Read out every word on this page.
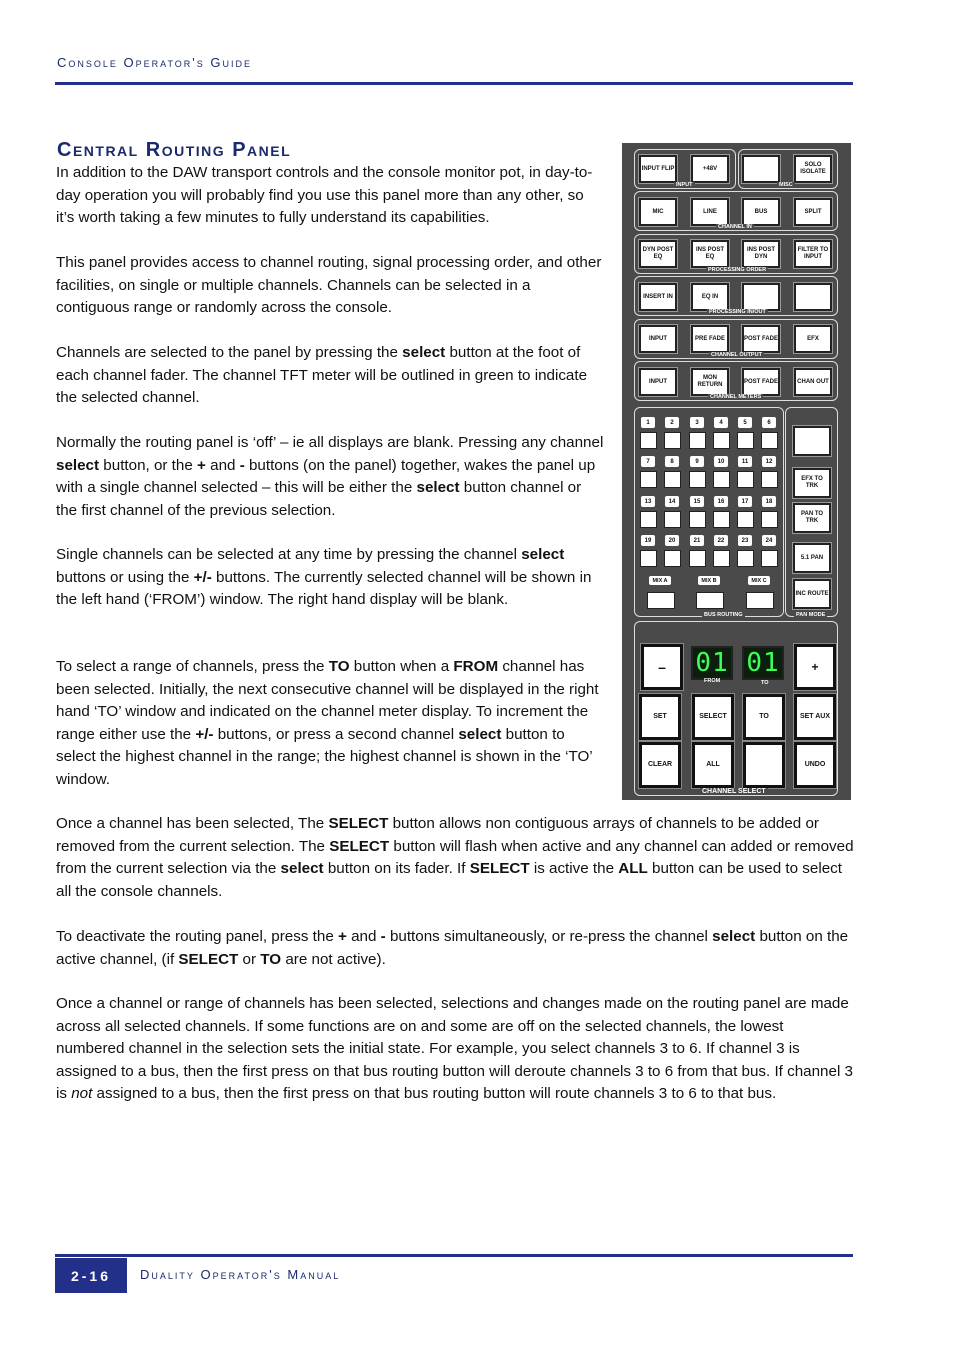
Console Operator's Guide
Central Routing Panel

In addition to the DAW transport controls and the console monitor pot, in day-to-day operation you will probably find you use this panel more than any other, so it’s worth taking a few minutes to fully understand its capabilities.

This panel provides access to channel routing, signal processing order, and other facilities, on single or multiple channels. Channels can be selected in a contiguous range or randomly across the console.

Channels are selected to the panel by pressing the select button at the foot of each channel fader. The channel TFT meter will be outlined in green to indicate the selected channel.

Normally the routing panel is ‘off’ – ie all displays are blank. Pressing any channel select button, or the + and - buttons (on the panel) together, wakes the panel up with a single channel selected – this will be either the select button channel or the first channel of the previous selection.

Single channels can be selected at any time by pressing the channel select buttons or using the +/- buttons. The currently selected channel will be shown in the left hand (‘FROM’) window. The right hand display will be blank.

To select a range of channels, press the TO button when a FROM channel has been selected. Initially, the next consecutive channel will be displayed in the right hand ‘TO’ window and indicated on the channel meter display. To increment the range either use the +/- buttons, or press a second channel select button to select the highest channel in the range; the highest channel is shown in the ‘TO’ window.

Once a channel has been selected, The SELECT button allows non contiguous arrays of channels to be added or removed from the current selection. The SELECT button will flash when active and any channel can added or removed from the current selection via the select button on its fader. If SELECT is active the ALL button can be used to select all the console channels.

To deactivate the routing panel, press the + and - buttons simultaneously, or re-press the channel select button on the active channel, (if SELECT or TO are not active).

Once a channel or range of channels has been selected, selections and changes made on the routing panel are made across all selected channels. If some functions are on and some are off on the selected channels, the lowest numbered channel in the selection sets the initial state. For example, you select channels 3 to 6. If channel 3 is assigned to a bus, then the first press on that bus routing button will deroute channels 3 to 6 from that bus. If channel 3 is not assigned to a bus, then the first press on that bus routing button will route channels 3 to 6 to that bus.

INPUT FLIP	+48V
SOLO ISOLATE
INPUT	MISC
MIC	LINE	BUS	SPLIT
CHANNEL IN
DYN POST EQ
INS POST EQ
INS POST DYN
FILTER TO INPUT
PROCESSING ORDER
INSERT IN	EQ IN
PROCESSING IN/OUT
INPUT	PRE FADE	POST FADE	EFX
CHANNEL OUTPUT
INPUT
MON RETURN
POST FADE	CHAN OUT
CHANNEL METERS
1	2	3	4	5	6
7	8	9	10	11	12
13	14	15	16	17	18
19	20	21	22	23	24
MIX A	MIX B	MIX C
BUS ROUTING	PAN MODE
EFX TO TRK
PAN TO TRK
5.1 PAN
INC ROUTE
–	01 01	+
FROM	TO
SET	SELECT	TO	SET AUX
CLEAR	ALL	UNDO
CHANNEL SELECT
2-16	Duality Operator's Manual
